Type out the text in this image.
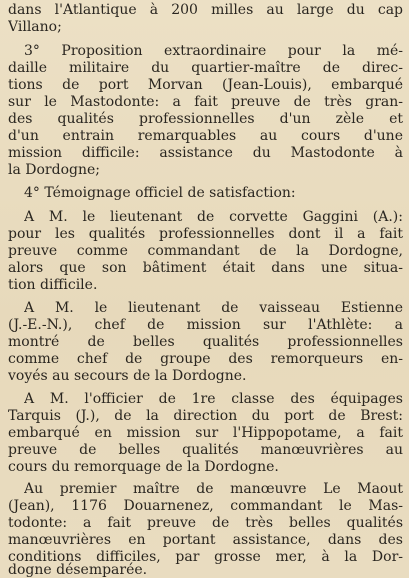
dans l'Atlantique à 200 milles au large du cap
Villano;
3° Proposition extraordinaire pour la mé-
daille militaire du quartier-maître de direc-
tions de port Morvan (Jean-Louis), embarqué
sur le Mastodonte: a fait preuve de très gran-
des qualités professionnelles d'un zèle et
d'un entrain remarquables au cours d'une
mission difficile: assistance du Mastodonte à
la Dordogne;
4° Témoignage officiel de satisfaction:
A M. le lieutenant de corvette Gaggini (A.):
pour les qualités professionnelles dont il a fait
preuve comme commandant de la Dordogne,
alors que son bâtiment était dans une situa-
tion difficile.
A M. le lieutenant de vaisseau Estienne
(J.-E.-N.), chef de mission sur l'Athlète: a
montré de belles qualités professionnelles
comme chef de groupe des remorqueurs en-
voyés au secours de la Dordogne.
A M. l'officier de 1re classe des équipages
Tarquis (J.), de la direction du port de Brest:
embarqué en mission sur l'Hippopotame, a fait
preuve de belles qualités manœuvrières au
cours du remorquage de la Dordogne.
Au premier maître de manœuvre Le Maout
(Jean), 1176 Douarnenez, commandant le Mas-
todonte: a fait preuve de très belles qualités
manœuvrières en portant assistance, dans des
conditions difficiles, par grosse mer, à la Dor-
dogne désemparée.
